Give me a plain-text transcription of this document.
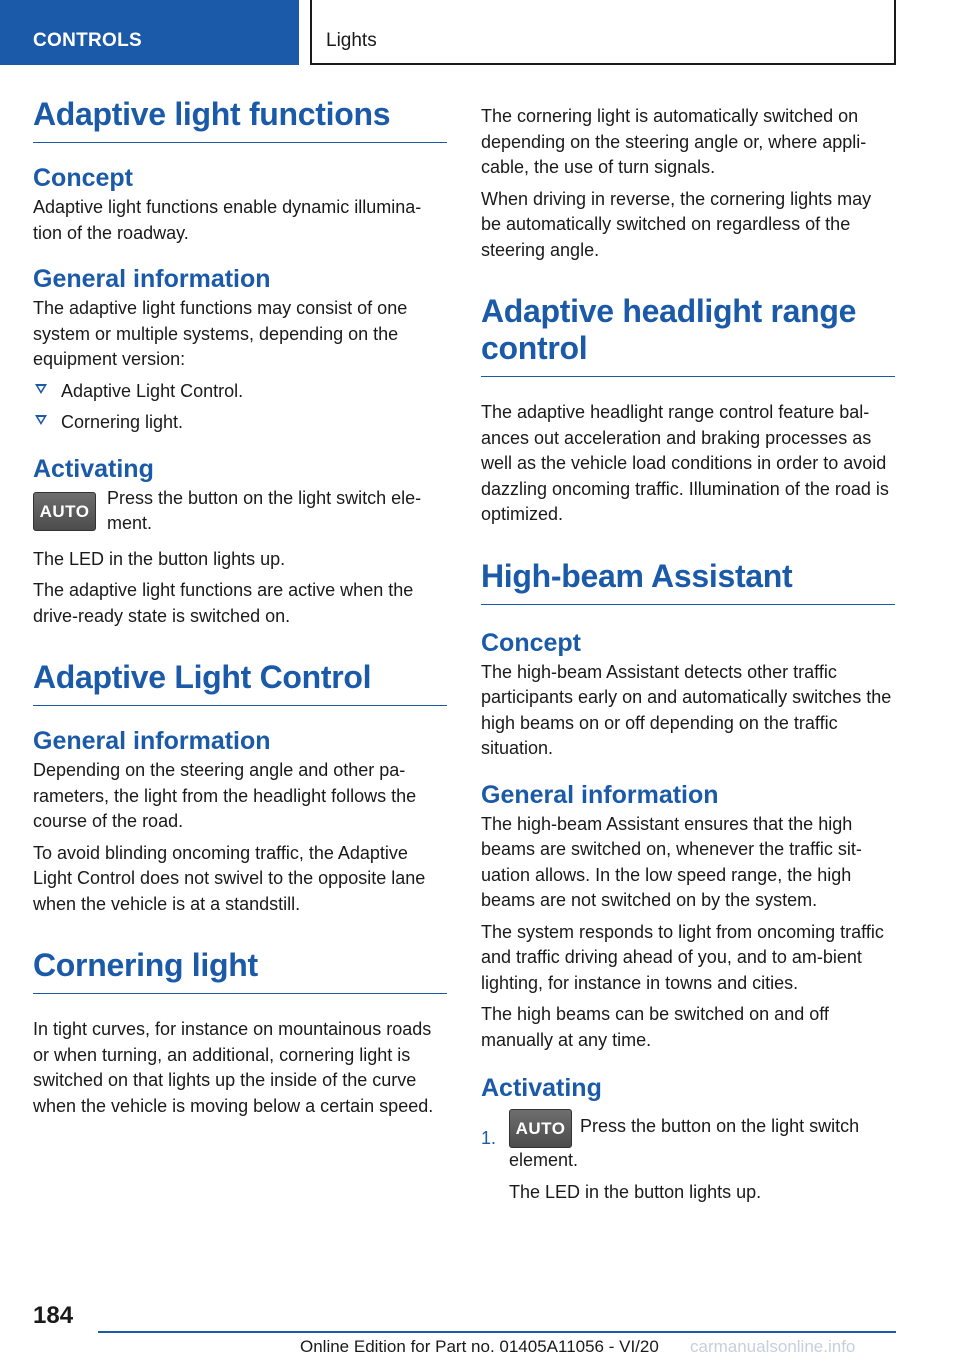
CONTROLS	Lights
Adaptive light functions
Concept

Adaptive light functions enable dynamic illumina‐tion of the roadway.

General information

The adaptive light functions may consist of one system or multiple systems, depending on the equipment version:

Adaptive Light Control.
Cornering light.
Activating
AUTO

Press the button on the light switch ele‐ment.

The LED in the button lights up.

The adaptive light functions are active when the drive-ready state is switched on.

Adaptive Light Control
General information

Depending on the steering angle and other pa‐rameters, the light from the headlight follows the course of the road.

To avoid blinding oncoming traffic, the Adaptive Light Control does not swivel to the opposite lane when the vehicle is at a standstill.

Cornering light

In tight curves, for instance on mountainous roads or when turning, an additional, cornering light is switched on that lights up the inside of the curve when the vehicle is moving below a certain speed.

The cornering light is automatically switched on depending on the steering angle or, where appli‐cable, the use of turn signals.

When driving in reverse, the cornering lights may be automatically switched on regardless of the steering angle.

Adaptive headlight range control

The adaptive headlight range control feature bal‐ances out acceleration and braking processes as well as the vehicle load conditions in order to avoid dazzling oncoming traffic. Illumination of the road is optimized.

High-beam Assistant
Concept

The high-beam Assistant detects other traffic participants early on and automatically switches the high beams on or off depending on the traffic situation.

General information

The high-beam Assistant ensures that the high beams are switched on, whenever the traffic sit‐uation allows. In the low speed range, the high beams are not switched on by the system.

The system responds to light from oncoming traffic and traffic driving ahead of you, and to am‐bient lighting, for instance in towns and cities.

The high beams can be switched on and off manually at any time.

Activating
1.	AUTO Press the button on the light switch element.
The LED in the button lights up.
184
Online Edition for Part no. 01405A11056 - VI/20 carmanualsonline.info
